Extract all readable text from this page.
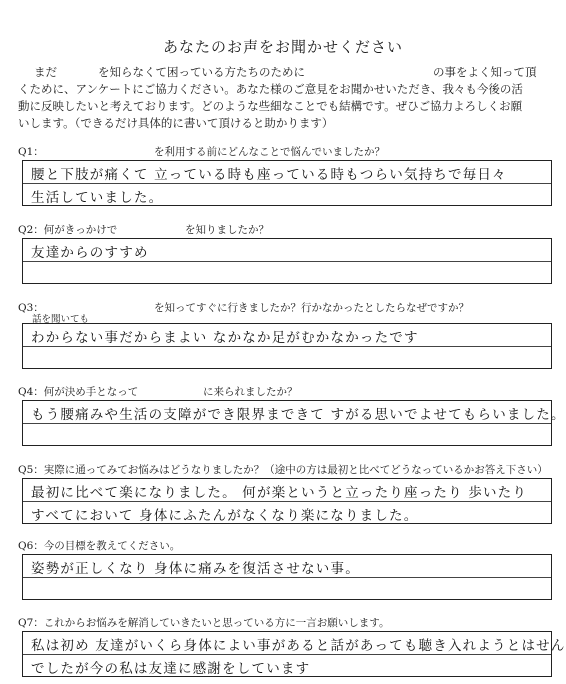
あなたのお声をお聞かせください
まだ	を知らなくて困っている方たちのために	の事をよく知って頂
くために、アンケートにご協力ください。あなた様のご意見をお聞かせいただき、我々も今後の活
動に反映したいと考えております。どのような些細なことでも結構です。ぜひご協力よろしくお願
いします。（できるだけ具体的に書いて頂けると助かります）
Q1：	を利用する前にどんなことで悩んでいましたか？
腰と下肢が痛くて 立っている時も座っている時もつらい気持ちで毎日々
生活していました。
Q2：何がきっかけで	を知りましたか？
友達からのすすめ
Q3：	を知ってすぐに行きましたか？行かなかったとしたらなぜですか？
話を聞いても
わからない事だからまよい なかなか足がむかなかったです
Q4：何が決め手となって	に来られましたか？
もう腰痛みや生活の支障ができ限界まできて すがる思いでよせてもらいました。
Q5：実際に通ってみてお悩みはどうなりましたか？（途中の方は最初と比べてどうなっているかお答え下さい）
最初に比べて楽になりました。 何が楽というと立ったり座ったり 歩いたり
すべてにおいて 身体にふたんがなくなり楽になりました。
Q6：今の目標を教えてください。
姿勢が正しくなり 身体に痛みを復活させない事。
Q7：これからお悩みを解消していきたいと思っている方に一言お願いします。
私は初め 友達がいくら身体によい事があると話があっても聴き入れようとはせん
でしたが今の私は友達に感謝をしています
